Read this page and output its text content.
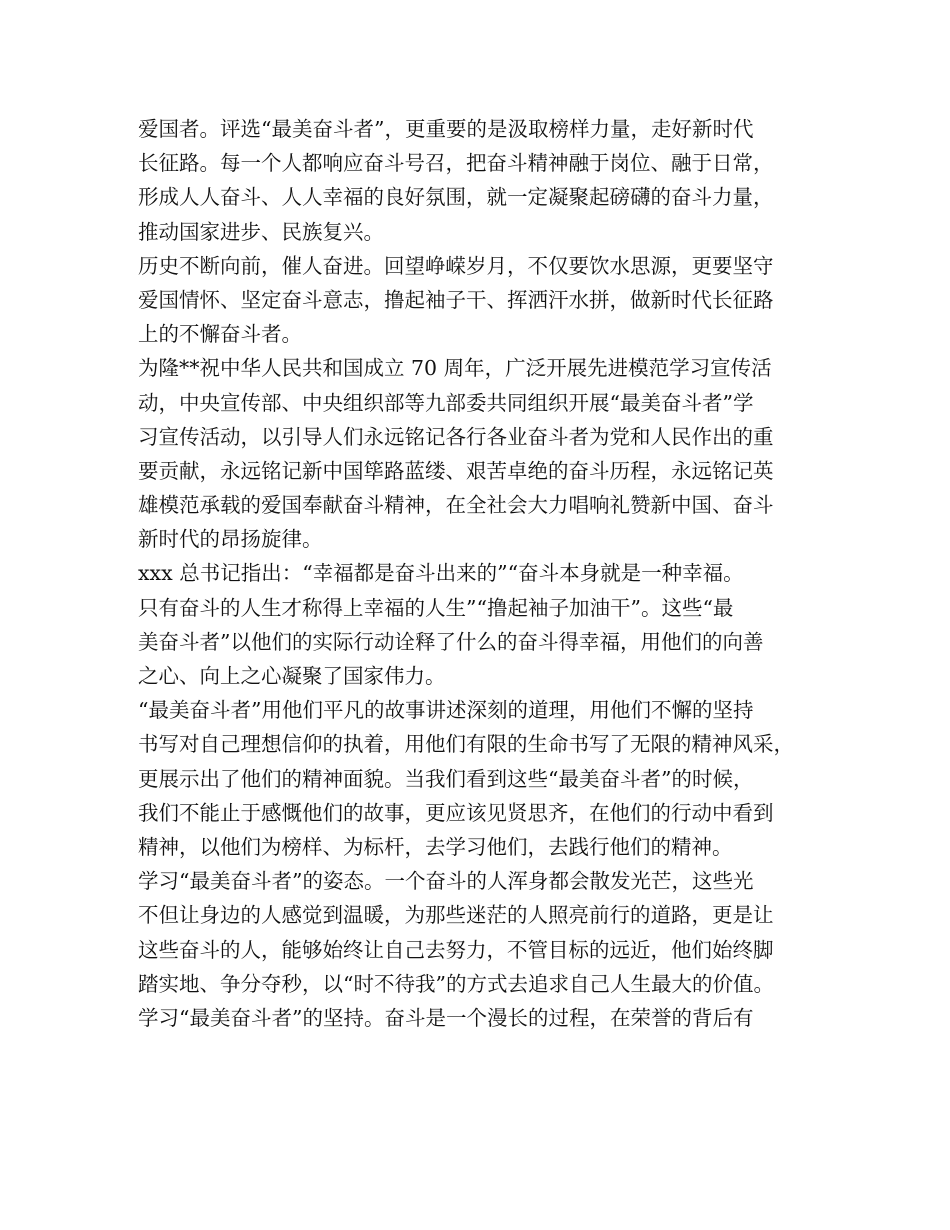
爱国者。评选“最美奋斗者”，更重要的是汲取榜样力量，走好新时代
长征路。每一个人都响应奋斗号召，把奋斗精神融于岗位、融于日常，
形成人人奋斗、人人幸福的良好氛围，就一定凝聚起磅礴的奋斗力量，
推动国家进步、民族复兴。
历史不断向前，催人奋进。回望峥嵘岁月，不仅要饮水思源，更要坚守
爱国情怀、坚定奋斗意志，撸起袖子干、挥洒汗水拼，做新时代长征路
上的不懈奋斗者。
为隆**祝中华人民共和国成立 70 周年，广泛开展先进模范学习宣传活
动，中央宣传部、中央组织部等九部委共同组织开展“最美奋斗者”学
习宣传活动，以引导人们永远铭记各行各业奋斗者为党和人民作出的重
要贡献，永远铭记新中国筚路蓝缕、艰苦卓绝的奋斗历程，永远铭记英
雄模范承载的爱国奉献奋斗精神，在全社会大力唱响礼赞新中国、奋斗
新时代的昂扬旋律。
xxx 总书记指出：“幸福都是奋斗出来的”“奋斗本身就是一种幸福。
只有奋斗的人生才称得上幸福的人生”“撸起袖子加油干”。这些“最
美奋斗者”以他们的实际行动诠释了什么的奋斗得幸福，用他们的向善
之心、向上之心凝聚了国家伟力。
“最美奋斗者”用他们平凡的故事讲述深刻的道理，用他们不懈的坚持
书写对自己理想信仰的执着，用他们有限的生命书写了无限的精神风采，
更展示出了他们的精神面貌。当我们看到这些“最美奋斗者”的时候，
我们不能止于感慨他们的故事，更应该见贤思齐，在他们的行动中看到
精神，以他们为榜样、为标杆，去学习他们，去践行他们的精神。
学习“最美奋斗者”的姿态。一个奋斗的人浑身都会散发光芒，这些光
不但让身边的人感觉到温暖，为那些迷茫的人照亮前行的道路，更是让
这些奋斗的人，能够始终让自己去努力，不管目标的远近，他们始终脚
踏实地、争分夺秒，以“时不待我”的方式去追求自己人生最大的价值。
学习“最美奋斗者”的坚持。奋斗是一个漫长的过程，在荣誉的背后有
